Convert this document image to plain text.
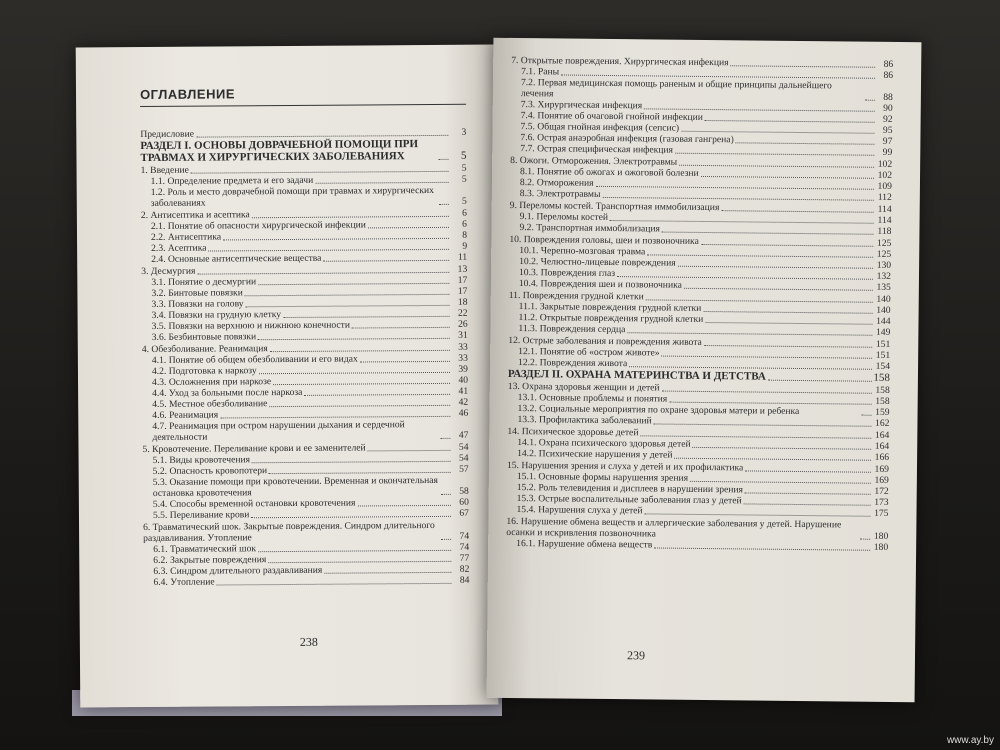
ОГЛАВЛЕНИЕ
Предисловие	3
РАЗДЕЛ I. ОСНОВЫ ДОВРАЧЕБНОЙ ПОМОЩИ ПРИ ТРАВМАХ И ХИРУРГИЧЕСКИХ ЗАБОЛЕВАНИЯХ	5
1. Введение	5
1.1. Определение предмета и его задачи	5
1.2. Роль и место доврачебной помощи при травмах и хирургических заболеваниях	5
2. Антисептика и асептика	6
2.1. Понятие об опасности хирургической инфекции	6
2.2. Антисептика	8
2.3. Асептика	9
2.4. Основные антисептические вещества	11
3. Десмургия	13
3.1. Понятие о десмургии	17
3.2. Бинтовые повязки	17
3.3. Повязки на голову	18
3.4. Повязки на грудную клетку	22
3.5. Повязки на верхнюю и нижнюю конечности	26
3.6. Безбинтовые повязки	31
4. Обезболивание. Реанимация	33
4.1. Понятие об общем обезболивании и его видах	33
4.2. Подготовка к наркозу	39
4.3. Осложнения при наркозе	40
4.4. Уход за больными после наркоза	41
4.5. Местное обезболивание	42
4.6. Реанимация	46
4.7. Реанимация при остром нарушении дыхания и сердечной деятельности	47
5. Кровотечение. Переливание крови и ее заменителей	54
5.1. Виды кровотечения	54
5.2. Опасность кровопотери	57
5.3. Оказание помощи при кровотечении. Временная и окончательная остановка кровотечения	58
5.4. Способы временной остановки кровотечения	60
5.5. Переливание крови	67
6. Травматический шок. Закрытые повреждения. Синдром длительного раздавливания. Утопление	74
6.1. Травматический шок	74
6.2. Закрытые повреждения	77
6.3. Синдром длительного раздавливания	82
6.4. Утопление	84
238
7. Открытые повреждения. Хирургическая инфекция	86
7.1. Раны	86
7.2. Первая медицинская помощь раненым и общие принципы дальнейшего лечения	88
7.3. Хирургическая инфекция	90
7.4. Понятие об очаговой гнойной инфекции	92
7.5. Общая гнойная инфекция (сепсис)	95
7.6. Острая анаэробная инфекция (газовая гангрена)	97
7.7. Острая специфическая инфекция	99
8. Ожоги. Отморожения. Электротравмы	102
8.1. Понятие об ожогах и ожоговой болезни	102
8.2. Отморожения	109
8.3. Электротравмы	112
9. Переломы костей. Транспортная иммобилизация	114
9.1. Переломы костей	114
9.2. Транспортная иммобилизация	118
10. Повреждения головы, шеи и позвоночника	125
10.1. Черепно-мозговая травма	125
10.2. Челюстно-лицевые повреждения	130
10.3. Повреждения глаз	132
10.4. Повреждения шеи и позвоночника	135
11. Повреждения грудной клетки	140
11.1. Закрытые повреждения грудной клетки	140
11.2. Открытые повреждения грудной клетки	144
11.3. Повреждения сердца	149
12. Острые заболевания и повреждения живота	151
12.1. Понятие об «остром животе»	151
12.2. Повреждения живота	154
РАЗДЕЛ II. ОХРАНА МАТЕРИНСТВА И ДЕТСТВА	158
13. Охрана здоровья женщин и детей	158
13.1. Основные проблемы и понятия	158
13.2. Социальные мероприятия по охране здоровья матери и ребенка	159
13.3. Профилактика заболеваний	162
14. Психическое здоровье детей	164
14.1. Охрана психического здоровья детей	164
14.2. Психические нарушения у детей	166
15. Нарушения зрения и слуха у детей и их профилактика	169
15.1. Основные формы нарушения зрения	169
15.2. Роль телевидения и дисплеев в нарушении зрения	172
15.3. Острые воспалительные заболевания глаз у детей	173
15.4. Нарушения слуха у детей	175
16. Нарушение обмена веществ и аллергические заболевания у детей. Нарушение осанки и искривления позвоночника	180
16.1. Нарушение обмена веществ	180
239
www.ay.by
